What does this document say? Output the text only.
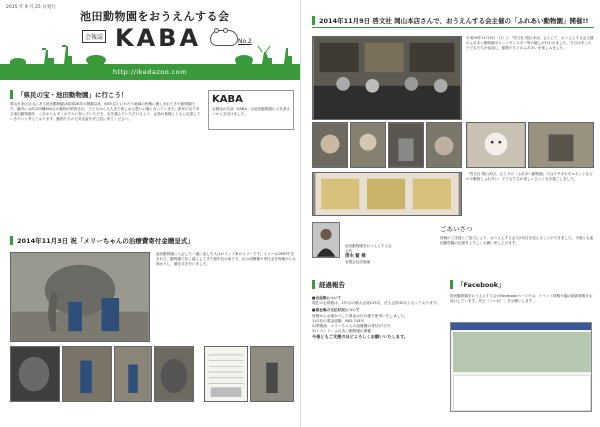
2015 年 9 月 25 日発行
池田動物園をおうえんする会
会報誌 KABA	No.2
http://ikedazoo.com
「県民の宝・池田動物園」に行こう！
岡山市北区京山にある池田動物園は昭和28年の開園以来、60年以上にわたり地域の皆様に親しまれてきた動物園です。園内には約120種600点の動物が飼育され、子どもから大人まで楽しめる憩いの場となっています。県民の宝である池田動物園を、これからも多くの方々に知っていただき、足を運んでいただけるよう、会員の皆様とともに応援していきたいと考えております。動物たちの元気な姿をぜひ見に来てください。
KABA
会報誌の名前「KABA」は池田動物園の人気者カバから名付けました。
2014年11月3日 祝「メリーちゃんの治療費寄付金贈呈式」
池田動物園に入会した一番に話した人はのインド象のメリーです。メリーは1967年生まれで、動物園で長く暮らしてきた最年長の象です。足の治療費の寄付金を皆様からお預かりし、贈呈式を行いました。
2014年11月9日 啓文社 岡山本店さんで、おうえんする会主催の「ふれあい動物園」開催!!
平成26年11月9日（日）に「啓文社 岡山本店」さんにて、おうえんする会主催のふれあい動物園ポケットモンスター等の催しが行われました。当日は多くの子どもたちが参加し、動物たちとのふれあいを楽しみました。
「啓文社 岡山本店」さんでの「ふれあい動物園」ではウサギやモルモットなどの小動物とふれあい、子どもたちが楽しいひとときを過ごしました。
池田動物園をおうえんする会
会長
清水 賢 様
有限会社清風庵
ごあいさつ
皆様のご支援とご協力により、おうえんする会も2年目を迎えることができました。今後とも池田動物園の応援をよろしくお願い申し上げます。
経過報告
■会員数について
現在の会員数は、1年目の個人会員125名、法人会員30名となっております。
■募金集の支払状況について
皆様からお預かりした募金は次の通り使用いたしました。
1)月収の募金総額：862,744円
2)寄贈品：メリーちゃんの治療費の寄付27万円
3)イベント：ふれあい動物園の開催
今後ともご支援のほどよろしくお願いいたします。
「Facebook」
池田動物園をおうえんする会のFacebookページでは、イベント情報や園の最新情報をお届けしています。ぜひ「いいね！」をお願いします。
